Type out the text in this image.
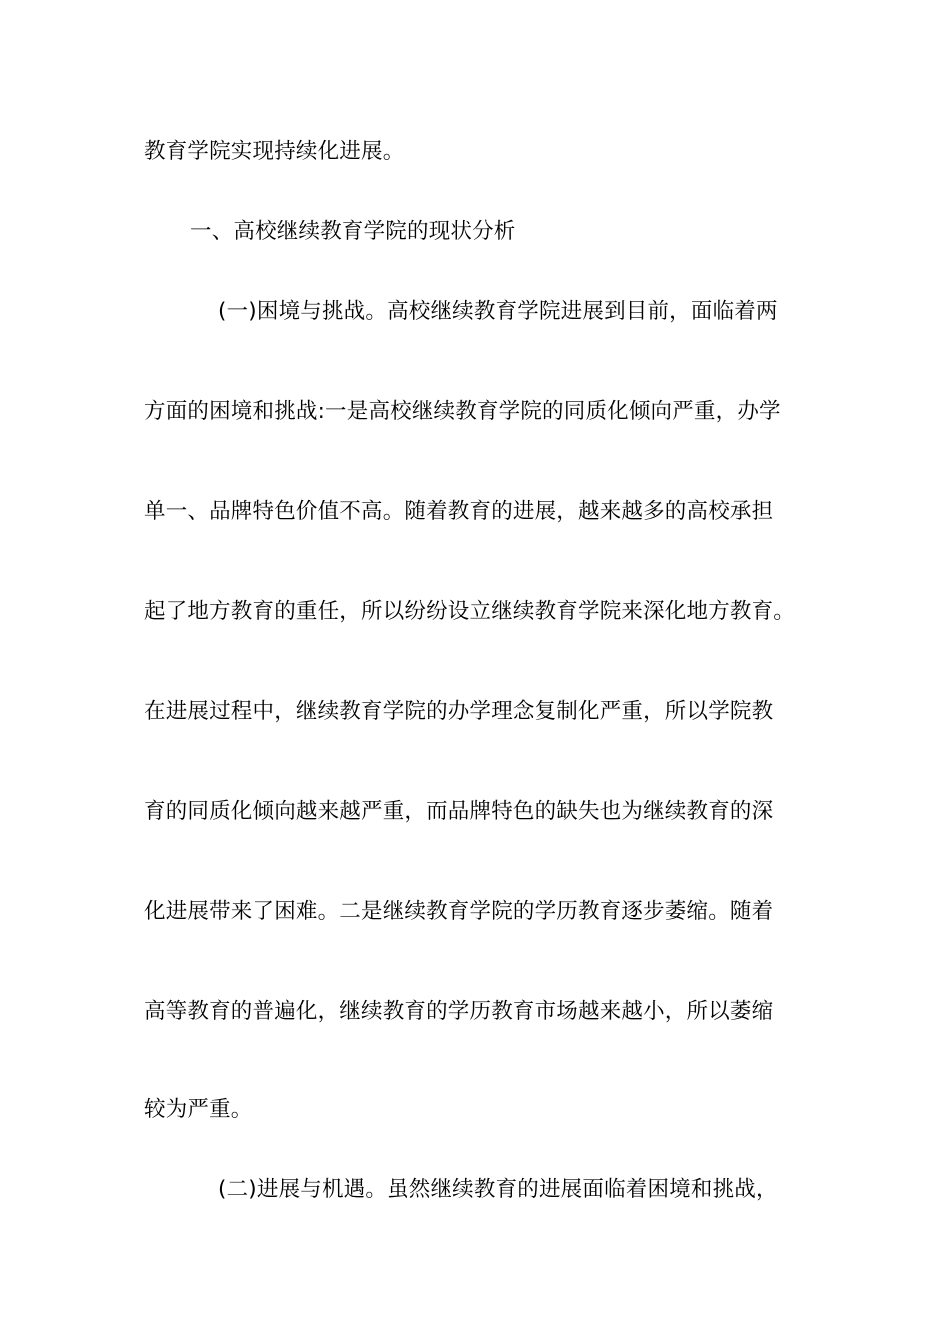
教育学院实现持续化进展。
一、高校继续教育学院的现状分析
(一)困境与挑战。高校继续教育学院进展到目前，面临着两
方面的困境和挑战:一是高校继续教育学院的同质化倾向严重，办学
单一、品牌特色价值不高。随着教育的进展，越来越多的高校承担
起了地方教育的重任，所以纷纷设立继续教育学院来深化地方教育。
在进展过程中，继续教育学院的办学理念复制化严重，所以学院教
育的同质化倾向越来越严重，而品牌特色的缺失也为继续教育的深
化进展带来了困难。二是继续教育学院的学历教育逐步萎缩。随着
高等教育的普遍化，继续教育的学历教育市场越来越小，所以萎缩
较为严重。
(二)进展与机遇。虽然继续教育的进展面临着困境和挑战，
